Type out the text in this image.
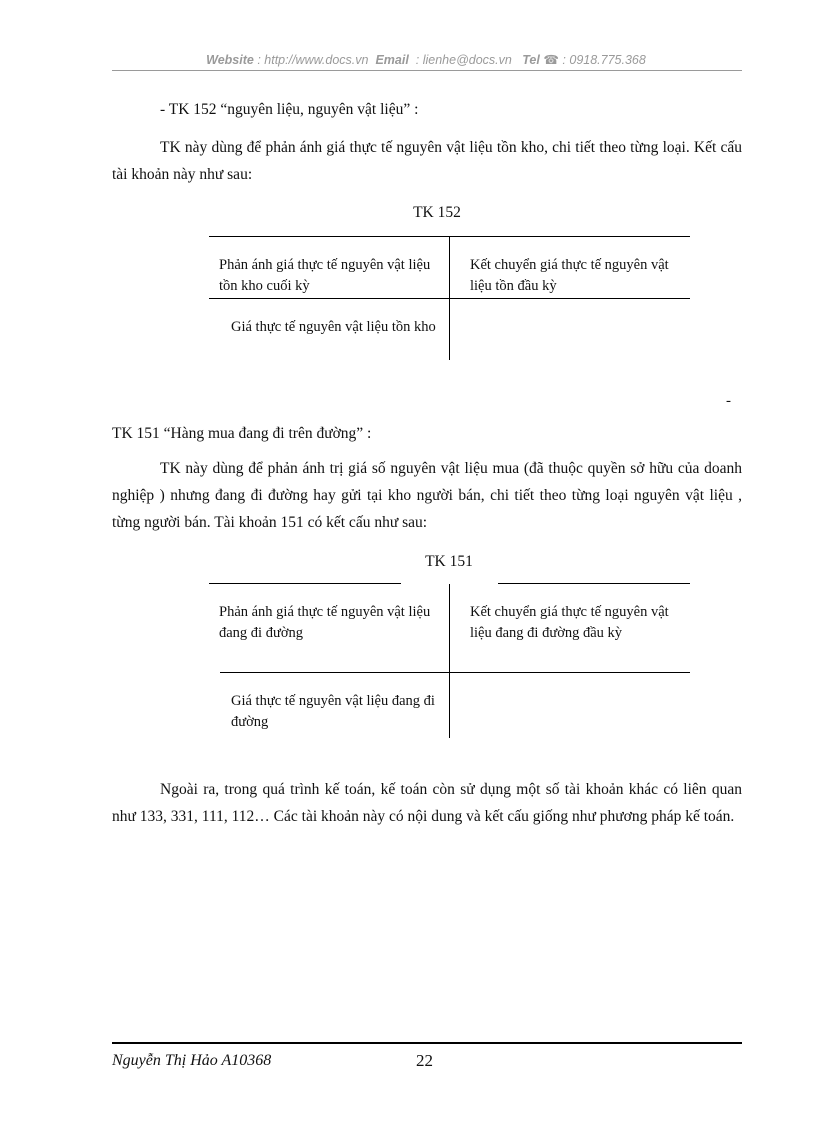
Website : http://www.docs.vn Email : lienhe@docs.vn Tel ☎ : 0918.775.368
- TK 152 “nguyên liệu, nguyên vật liệu” :

TK này dùng để phản ánh giá thực tế nguyên vật liệu tồn kho, chi tiết theo từng loại. Kết cấu tài khoản này như sau:

TK 152
Phản ánh giá thực tế nguyên vật liệu tồn kho cuối kỳ
Kết chuyển giá thực tế nguyên vật liệu tồn đầu kỳ
Giá thực tế nguyên vật liệu tồn kho
-
TK 151 “Hàng mua đang đi trên đường” :

TK này dùng để phản ánh trị giá số nguyên vật liệu mua (đã thuộc quyền sở hữu của doanh nghiệp ) nhưng đang đi đường hay gửi tại kho người bán, chi tiết theo từng loại nguyên vật liệu , từng người bán. Tài khoản 151 có kết cấu như sau:

TK 151
Phản ánh giá thực tế nguyên vật liệu đang đi đường
Kết chuyển giá thực tế nguyên vật liệu đang đi đường đầu kỳ
Giá thực tế nguyên vật liệu đang đi đường

Ngoài ra, trong quá trình kế toán, kế toán còn sử dụng một số tài khoản khác có liên quan như 133, 331, 111, 112… Các tài khoản này có nội dung và kết cấu giống như phương pháp kế toán.

Nguyễn Thị Hảo A10368	22
